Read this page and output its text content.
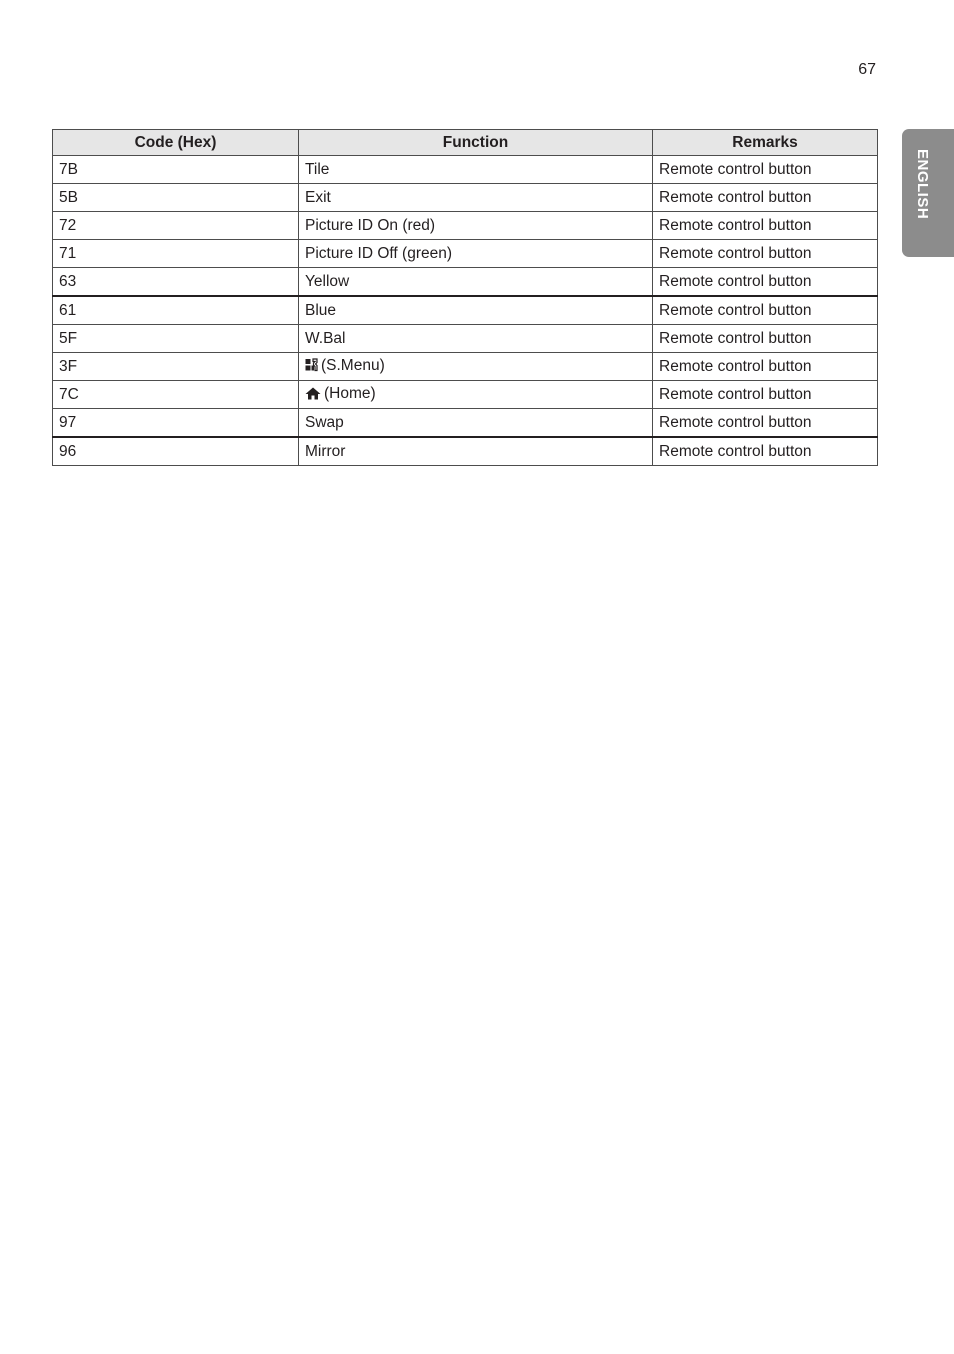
67
ENGLISH
Code (Hex)	Function	Remarks
7B	Tile	Remote control button
5B	Exit	Remote control button
72	Picture ID On (red)	Remote control button
71	Picture ID Off (green)	Remote control button
63	Yellow	Remote control button
61	Blue	Remote control button
5F	W.Bal	Remote control button
3F	(S.Menu)	Remote control button
7C	(Home)	Remote control button
97	Swap	Remote control button
96	Mirror	Remote control button
